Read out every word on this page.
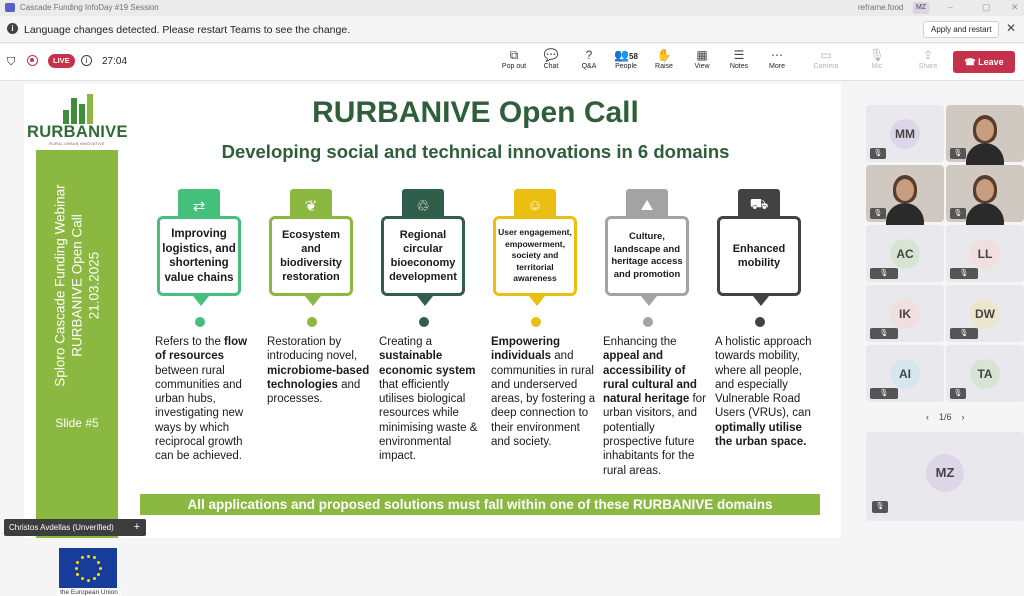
Cascade Funding InfoDay #19 Session	reframe.food	MZ	–	▢ ✕
i Language changes detected. Please restart Teams to see the change.	Apply and restart	✕
⛉	LIVE	i	27:04	⧉
Pop out
💬
Chat
?
Q&A
👥58
People
✋
Raise
▦
View
☰
Notes
⋯
More
▭
Camera
🎙
Mic
⇪
Share	☎ Leave
RURBANIVE
RURAL URBAN INNOVATIVE
Sploro Cascade Funding Webinar RURBANIVE Open Call 21.03.2025
Slide #5
the European Union
RURBANIVE Open Call
Developing social and technical innovations in 6 domains
⇄
Improving logistics, and shortening value chains
Refers to the flow of resources between rural communities and urban hubs, investigating new ways by which reciprocal growth can be achieved.
❦
Ecosystem and biodiversity restoration
Restoration by introducing novel, microbiome-based technologies and processes.
♲
Regional circular bioeconomy development
Creating a sustainable economic system that efficiently utilises biological resources while minimising waste & environmental impact.
☺
User engagement, empowerment, society and territorial awareness
Empowering individuals and communities in rural and underserved areas, by fostering a deep connection to their environment and society.
⛰
Culture, landscape and heritage access and promotion
Enhancing the appeal and accessibility of rural cultural and natural heritage for urban visitors, and potentially prospective future inhabitants for the rural areas.
⛟
Enhanced mobility
A holistic approach towards mobility, where all people, and especially Vulnerable Road Users (VRUs), can optimally utilise the urban space.
All applications and proposed solutions must fall within one of these RURBANIVE domains
Christos Avdellas (Unverified) +
MM
🎙	🎙
🎙	🎙
AC
🎙
LL
🎙
IK
🎙
DW
🎙
AI
🎙
TA
🎙
‹    1/6    ›
MZ
🎙
